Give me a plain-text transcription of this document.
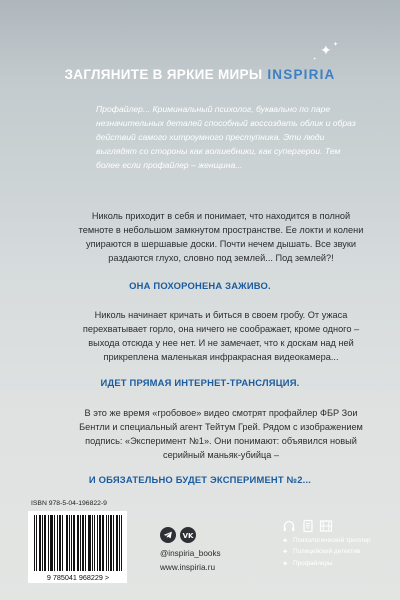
✦ ✦
✦
ЗАГЛЯНИТЕ В ЯРКИЕ МИРЫ INSPIRIA

Профайлер... Криминальный психолог, буквально по паре незначительных деталей способный воссоздать облик и образ действий самого хитроумного преступника. Эти люди выглядят со стороны как волшебники, как супергерои. Тем более если профайлер – женщина...

Николь приходит в себя и понимает, что находится в полной темноте в небольшом замкнутом пространстве. Ее локти и колени упираются в шершавые доски. Почти нечем дышать. Все звуки раздаются глухо, словно под землей... Под землей?!

ОНА ПОХОРОНЕНА ЗАЖИВО.

Николь начинает кричать и биться в своем гробу. От ужаса перехватывает горло, она ничего не соображает, кроме одного – выхода отсюда у нее нет. И не замечает, что к доскам над ней прикреплена маленькая инфракрасная видеокамера...

ИДЕТ ПРЯМАЯ ИНТЕРНЕТ-ТРАНСЛЯЦИЯ.

В это же время «гробовое» видео смотрят профайлер ФБР Зои Бентли и специальный агент Тейтум Грей. Рядом с изображением подпись: «Эксперимент №1». Они понимают: объявился новый серийный маньяк-убийца –

И ОБЯЗАТЕЛЬНО БУДЕТ ЭКСПЕРИМЕНТ №2...
ISBN 978-5-04-196822-9
9 785041 968229 >
VK
@inspiria_books
www.inspiria.ru
✦ Психологический триллер
✦ Полицейский детектив
✦ Профайлеры
